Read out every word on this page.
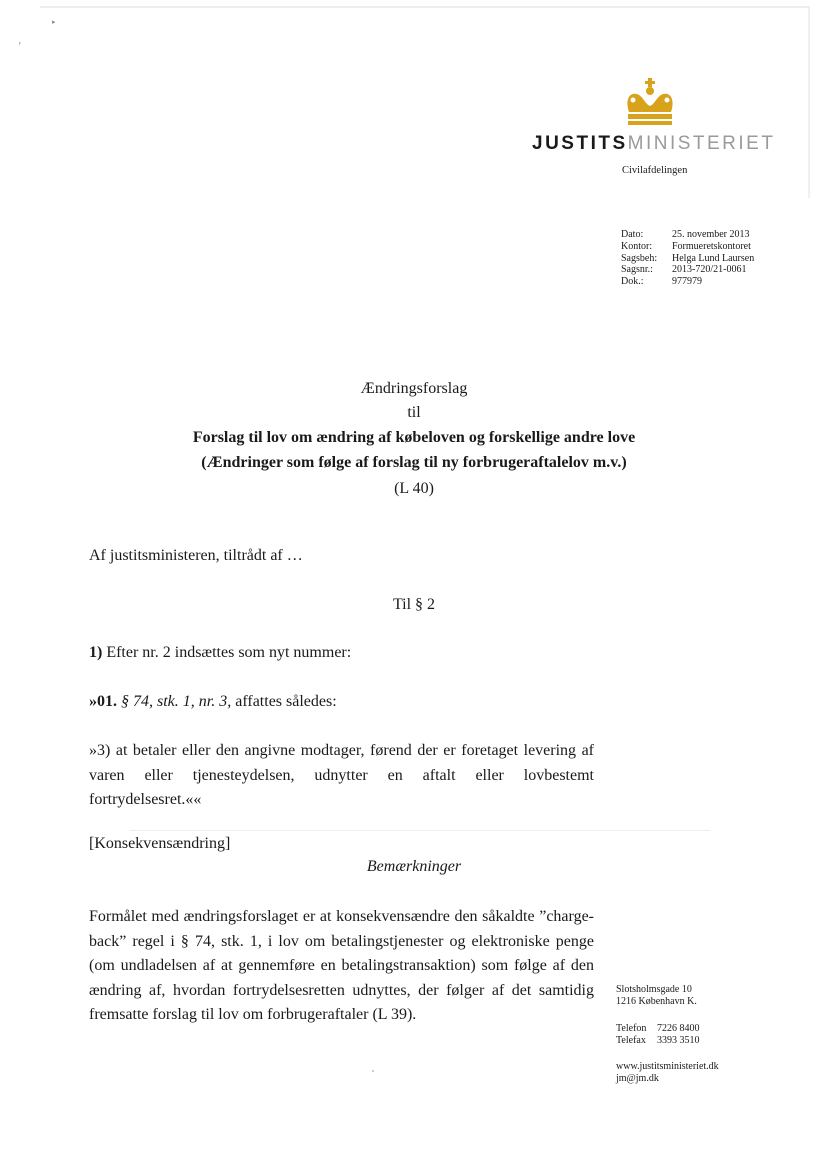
’
▸
JUSTITSMINISTERIET
Civilafdelingen
Dato:	25. november 2013
Kontor:	Formueretskontoret
Sagsbeh:	Helga Lund Laursen
Sagsnr.:	2013-720/21-0061
Dok.:	977979
Ændringsforslag
til
Forslag til lov om ændring af købeloven og forskellige andre love
(Ændringer som følge af forslag til ny forbrugeraftalelov m.v.)
(L 40)
Af justitsministeren, tiltrådt af …
Til § 2
1) Efter nr. 2 indsættes som nyt nummer:
»01. § 74, stk. 1, nr. 3, affattes således:
»3) at betaler eller den angivne modtager, førend der er foretaget levering af varen eller tjenesteydelsen, udnytter en aftalt eller lovbestemt fortrydelsesret.««
[Konsekvensændring]
Bemærkninger
Formålet med ændringsforslaget er at konsekvensændre den såkaldte ”charge-back” regel i § 74, stk. 1, i lov om betalingstjenester og elektroniske penge (om undladelsen af at gennemføre en betalingstransaktion) som følge af den ændring af, hvordan fortrydelsesretten udnyttes, der følger af det samtidig fremsatte forslag til lov om forbrugeraftaler (L 39).
Slotsholmsgade 10
1216 København K.
Telefon	7226 8400
Telefax	3393 3510
www.justitsministeriet.dk
jm@jm.dk
